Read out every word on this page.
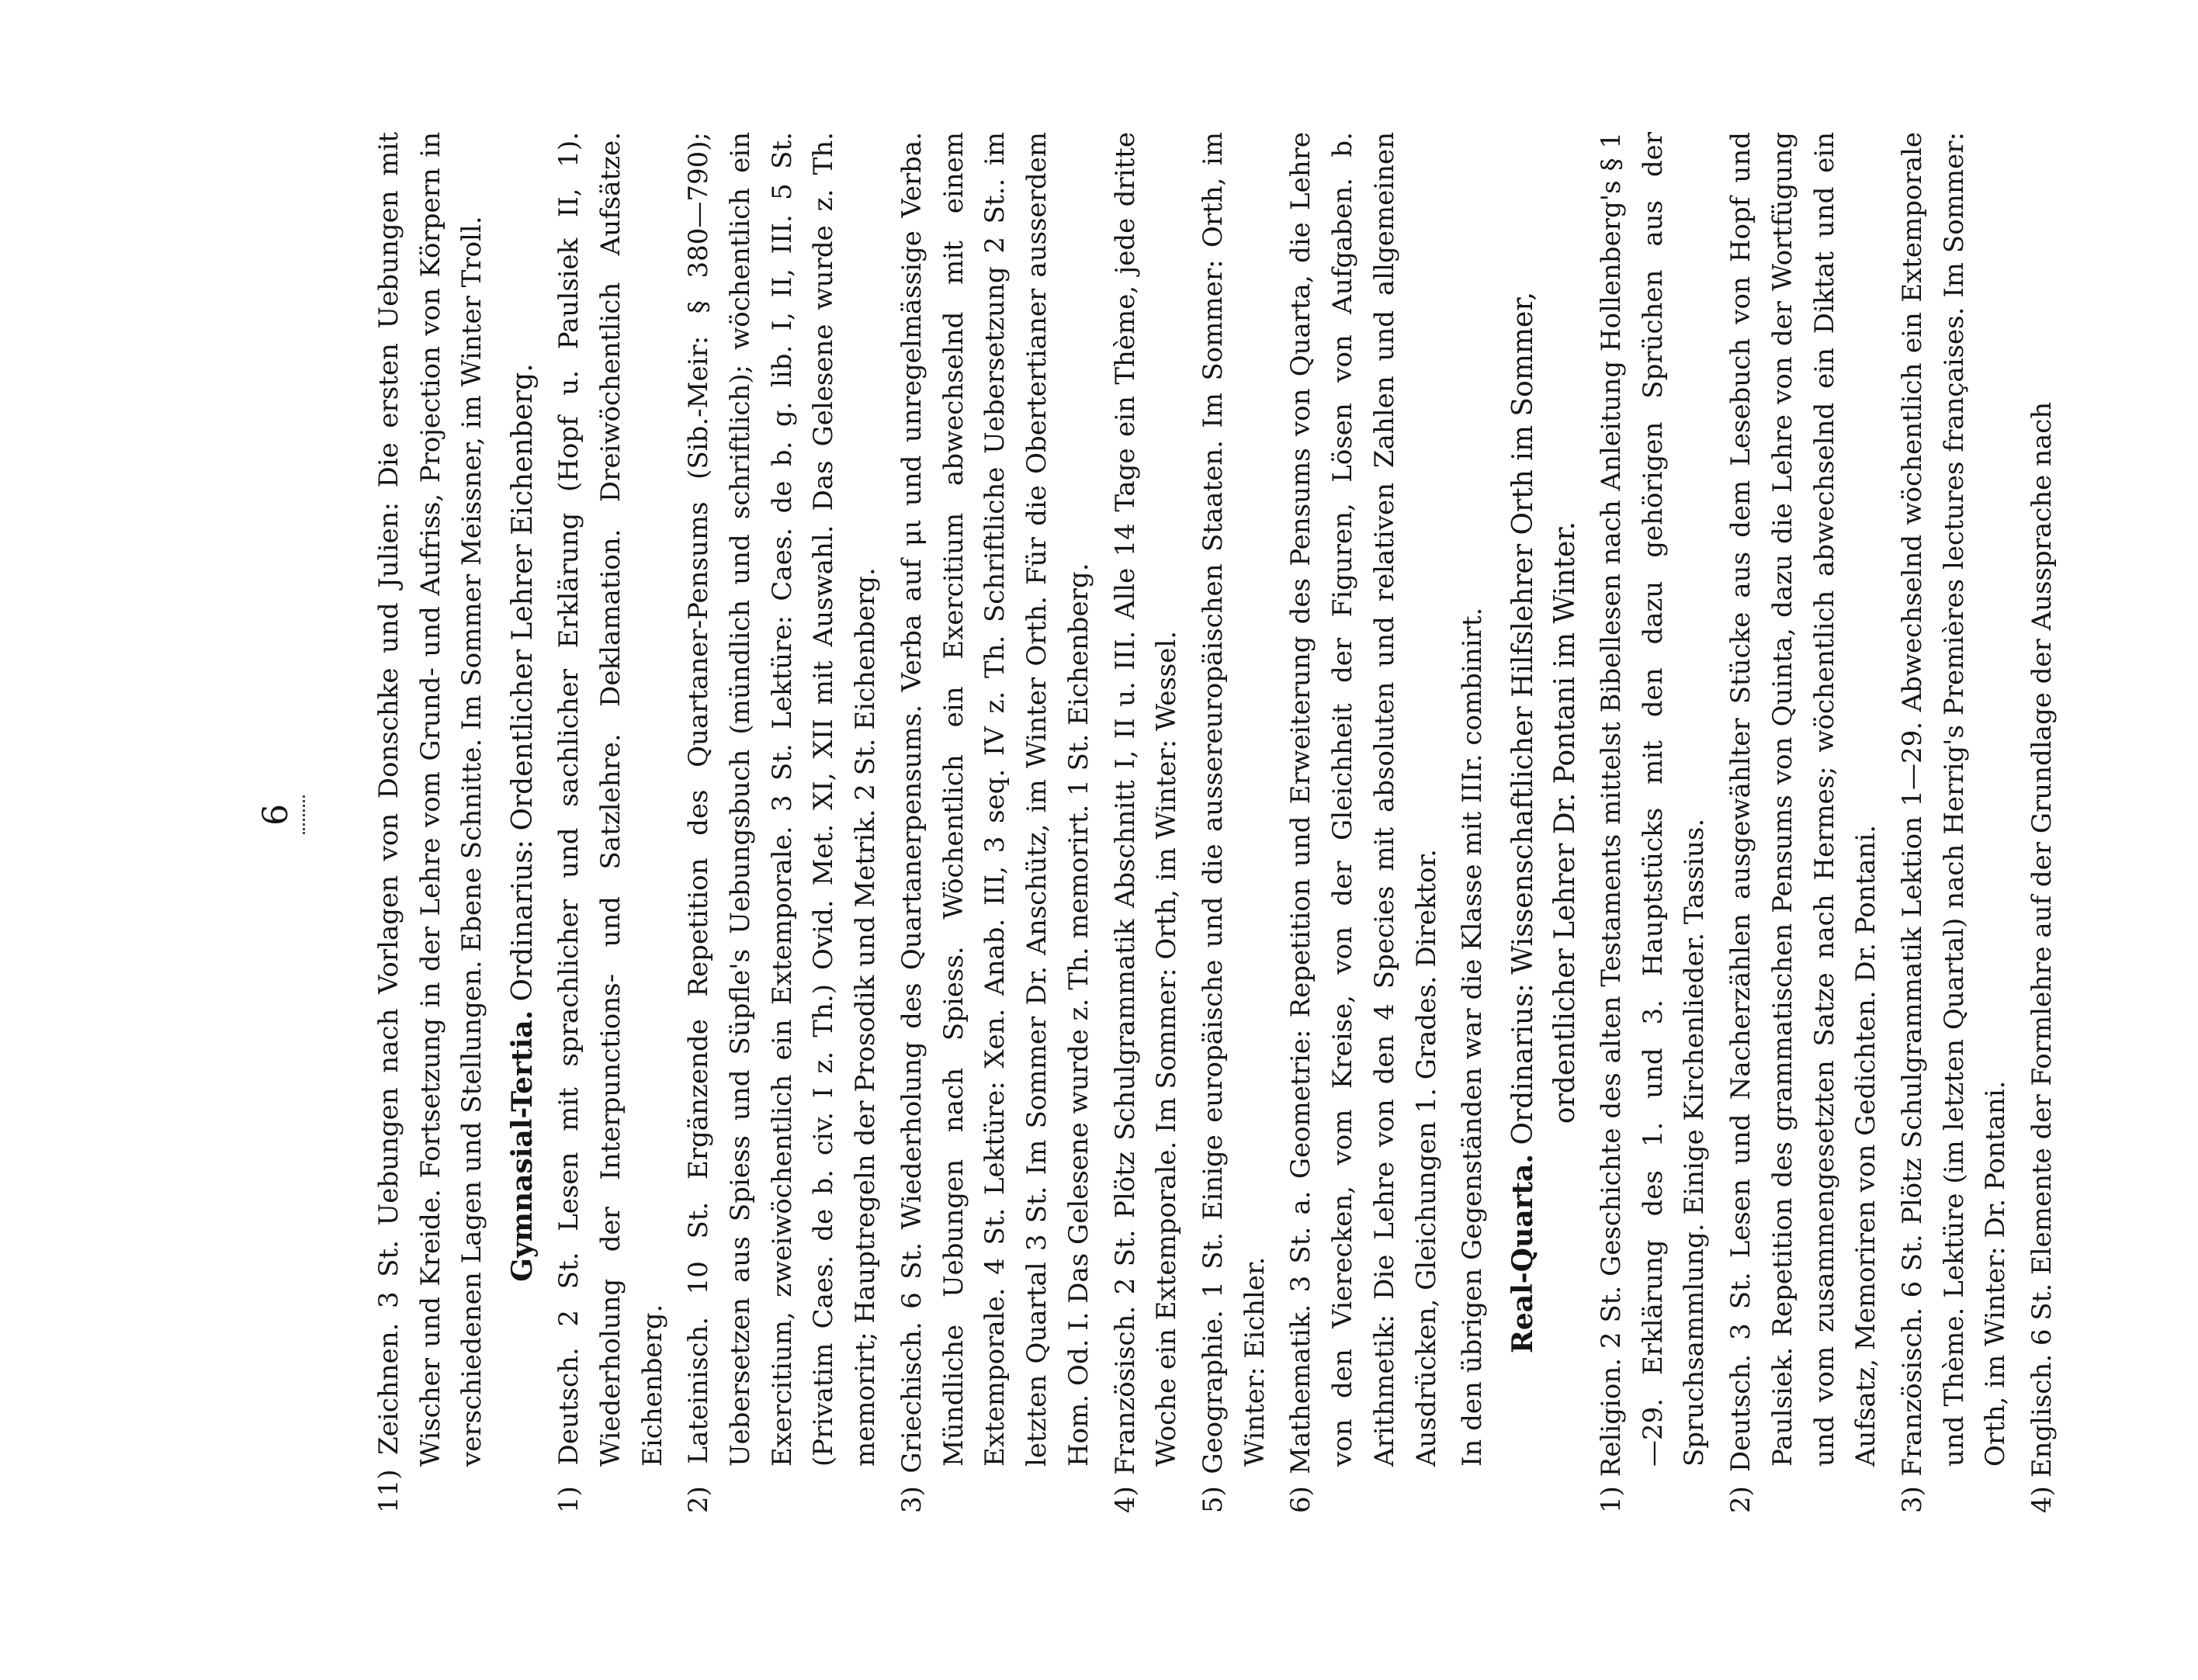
6	11) Zeichnen. 3 St. Uebungen nach Vorlagen von Donschke und Julien: Die ersten Uebungen mit Wischer und Kreide. Fortsetzung in der Lehre vom Grund- und Aufriss, Projection von Körpern in verschiedenen Lagen und Stellungen. Ebene Schnitte. Im Sommer Meissner, im Winter Troll. Gymnasial-Tertia. Ordinarius: Ordentlicher Lehrer Eichenberg. 1) Deutsch. 2 St. Lesen mit sprachlicher und sachlicher Erklärung (Hopf u. Paulsiek II, 1). Wiederholung der Interpunctions- und Satzlehre. Deklamation. Dreiwöchentlich Aufsätze. Eichenberg. 2) Lateinisch. 10 St. Ergänzende Repetition des Quartaner-Pensums (Sib.-Meir: § 380—790); Uebersetzen aus Spiess und Süpfle's Uebungsbuch (mündlich und schriftlich); wöchentlich ein Exercitium, zweiwöchentlich ein Extemporale. 3 St. Lektüre: Caes. de b. g. lib. I, II, III. 5 St. (Privatim Caes. de b. civ. I z. Th.) Ovid. Met. XI, XII mit Auswahl. Das Gelesene wurde z. Th. memorirt; Hauptregeln der Prosodik und Metrik. 2 St. Eichenberg. 3) Griechisch. 6 St. Wiederholung des Quartanerpensums. Verba auf μι und unregelmässige Verba. Mündliche Uebungen nach Spiess. Wöchentlich ein Exercitium abwechselnd mit einem Extemporale. 4 St. Lektüre: Xen. Anab. III, 3 seq. IV z. Th. Schriftliche Uebersetzung 2 St.. im letzten Quartal 3 St. Im Sommer Dr. Anschütz, im Winter Orth. Für die Obertertianer ausserdem Hom. Od. I. Das Gelesene wurde z. Th. memorirt. 1 St. Eichenberg. 4) Französisch. 2 St. Plötz Schulgrammatik Abschnitt I, II u. III. Alle 14 Tage ein Thème, jede dritte Woche ein Extemporale. Im Sommer: Orth, im Winter: Wessel. 5) Geographie. 1 St. Einige europäische und die aussereuropäischen Staaten. Im Sommer: Orth, im Winter: Eichler. 6) Mathematik. 3 St. a. Geometrie: Repetition und Erweiterung des Pensums von Quarta, die Lehre von den Vierecken, vom Kreise, von der Gleichheit der Figuren, Lösen von Aufgaben. b. Arithmetik: Die Lehre von den 4 Species mit absoluten und relativen Zahlen und allgemeinen Ausdrücken, Gleichungen 1. Grades. Direktor. In den übrigen Gegenständen war die Klasse mit IIIr. combinirt. Real-Quarta. Ordinarius: Wissenschaftlicher Hilfslehrer Orth im Sommer, ordentlicher Lehrer Dr. Pontani im Winter. 1) Religion. 2 St. Geschichte des alten Testaments mittelst Bibellesen nach Anleitung Hollenberg's § 1—29. Erklärung des 1. und 3. Hauptstücks mit den dazu gehörigen Sprüchen aus der Spruchsammlung. Einige Kirchenlieder. Tassius. 2) Deutsch. 3 St. Lesen und Nacherzählen ausgewählter Stücke aus dem Lesebuch von Hopf und Paulsiek. Repetition des grammatischen Pensums von Quinta, dazu die Lehre von der Wortfügung und vom zusammengesetzten Satze nach Hermes; wöchentlich abwechselnd ein Diktat und ein Aufsatz, Memoriren von Gedichten. Dr. Pontani. 3) Französisch. 6 St. Plötz Schulgrammatik Lektion 1—29. Abwechselnd wöchentlich ein Extemporale und Thème. Lektüre (im letzten Quartal) nach Herrig's Premières lectures françaises. Im Sommer: Orth, im Winter: Dr. Pontani. 4) Englisch. 6 St. Elemente der Formlehre auf der Grundlage der Aussprache nach
